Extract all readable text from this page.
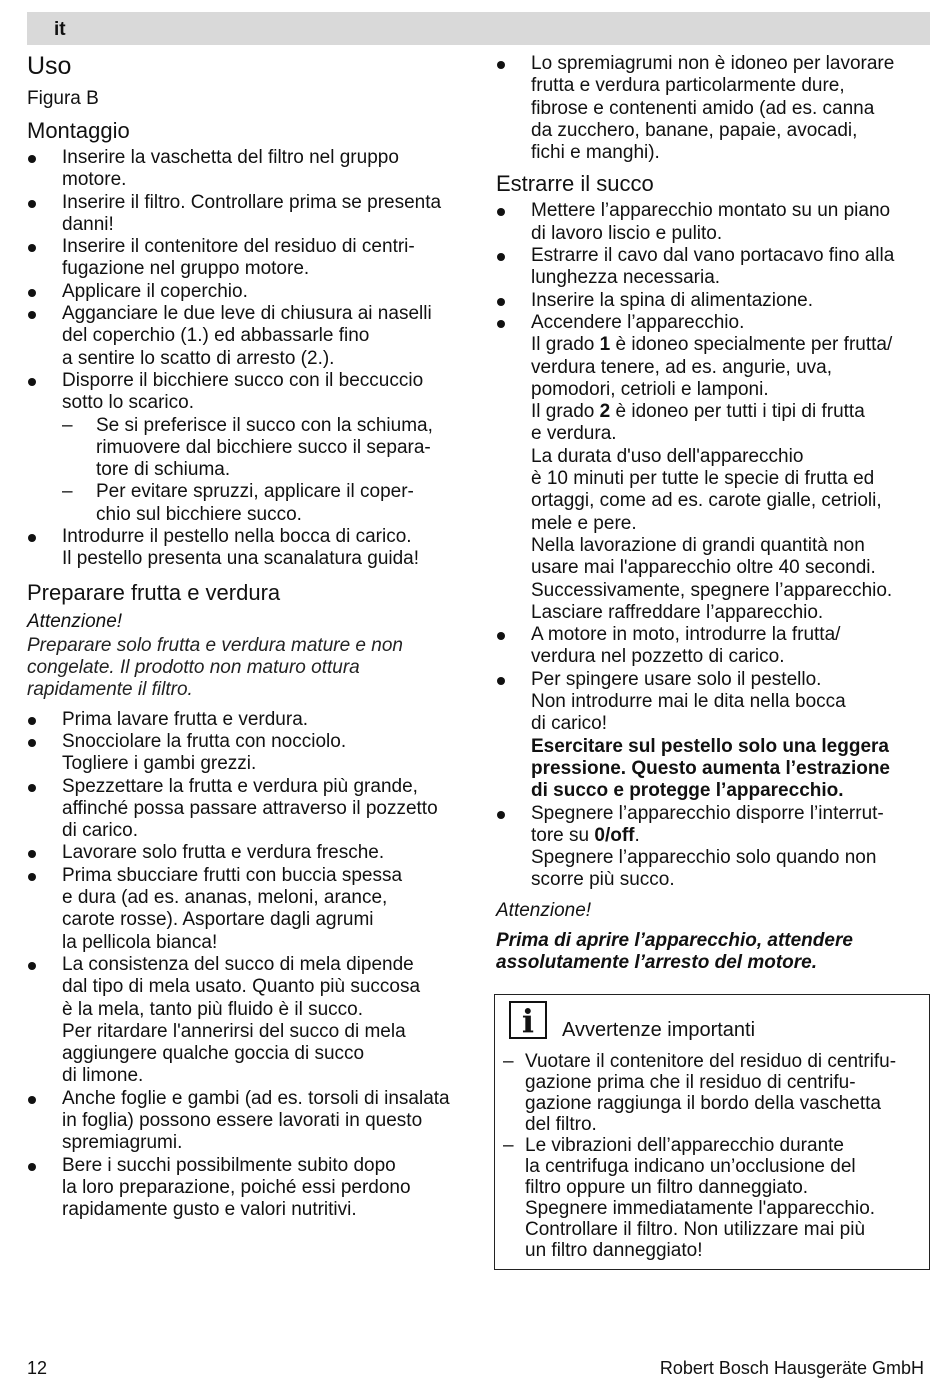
it
Uso
Figura B
Montaggio
Inserire la vaschetta del filtro nel gruppo
motore.
Inserire il filtro. Controllare prima se presenta
danni!
Inserire il contenitore del residuo di centri-
fugazione nel gruppo motore.
Applicare il coperchio.
Agganciare le due leve di chiusura ai naselli
del coperchio (1.) ed abbassarle fino
a sentire lo scatto di arresto (2.).
Disporre il bicchiere succo con il beccuccio
sotto lo scarico.
– Se si preferisce il succo con la schiuma,
rimuovere dal bicchiere succo il separa-
tore di schiuma.
– Per evitare spruzzi, applicare il coper-
chio sul bicchiere succo.
Introdurre il pestello nella bocca di carico.
Il pestello presenta una scanalatura guida!
Preparare frutta e verdura
Attenzione!
Preparare solo frutta e verdura mature e non
congelate. Il prodotto non maturo ottura
rapidamente il filtro.
Prima lavare frutta e verdura.
Snocciolare la frutta con nocciolo.
Togliere i gambi grezzi.
Spezzettare la frutta e verdura più grande,
affinché possa passare attraverso il pozzetto
di carico.
Lavorare solo frutta e verdura fresche.
Prima sbucciare frutti con buccia spessa
e dura (ad es. ananas, meloni, arance,
carote rosse). Asportare dagli agrumi
la pellicola bianca!
La consistenza del succo di mela dipende
dal tipo di mela usato. Quanto più succosa
è la mela, tanto più fluido è il succo.
Per ritardare l'annerirsi del succo di mela
aggiungere qualche goccia di succo
di limone.
Anche foglie e gambi (ad es. torsoli di insalata
in foglia) possono essere lavorati in questo
spremiagrumi.
Bere i succhi possibilmente subito dopo
la loro preparazione, poiché essi perdono
rapidamente gusto e valori nutritivi.
Lo spremiagrumi non è idoneo per lavorare
frutta e verdura particolarmente dure,
fibrose e contenenti amido (ad es. canna
da zucchero, banane, papaie, avocadi,
fichi e manghi).
Estrarre il succo
Mettere l’apparecchio montato su un piano
di lavoro liscio e pulito.
Estrarre il cavo dal vano portacavo fino alla
lunghezza necessaria.
Inserire la spina di alimentazione.
Accendere l’apparecchio.
Il grado 1 è idoneo specialmente per frutta/
verdura tenere, ad es. angurie, uva,
pomodori, cetrioli e lamponi.
Il grado 2 è idoneo per tutti i tipi di frutta
e verdura.
La durata d'uso dell'apparecchio
è 10 minuti per tutte le specie di frutta ed
ortaggi, come ad es. carote gialle, cetrioli,
mele e pere.
Nella lavorazione di grandi quantità non
usare mai l'apparecchio oltre 40 secondi.
Successivamente, spegnere l’apparecchio.
Lasciare raffreddare l’apparecchio.
A motore in moto, introdurre la frutta/
verdura nel pozzetto di carico.
Per spingere usare solo il pestello.
Non introdurre mai le dita nella bocca
di carico!
Esercitare sul pestello solo una leggera
pressione. Questo aumenta l’estrazione
di succo e protegge l’apparecchio.
Spegnere l’apparecchio disporre l’interrut-
tore su 0/off.
Spegnere l’apparecchio solo quando non
scorre più succo.
Attenzione!
Prima di aprire l’apparecchio, attendere
assolutamente l’arresto del motore.
i	Avvertenze importanti
– Vuotare il contenitore del residuo di centrifu-
gazione prima che il residuo di centrifu-
gazione raggiunga il bordo della vaschetta
del filtro.
– Le vibrazioni dell’apparecchio durante
la centrifuga indicano un’occlusione del
filtro oppure un filtro danneggiato.
Spegnere immediatamente l'apparecchio.
Controllare il filtro. Non utilizzare mai più
un filtro danneggiato!
12	Robert Bosch Hausgeräte GmbH
